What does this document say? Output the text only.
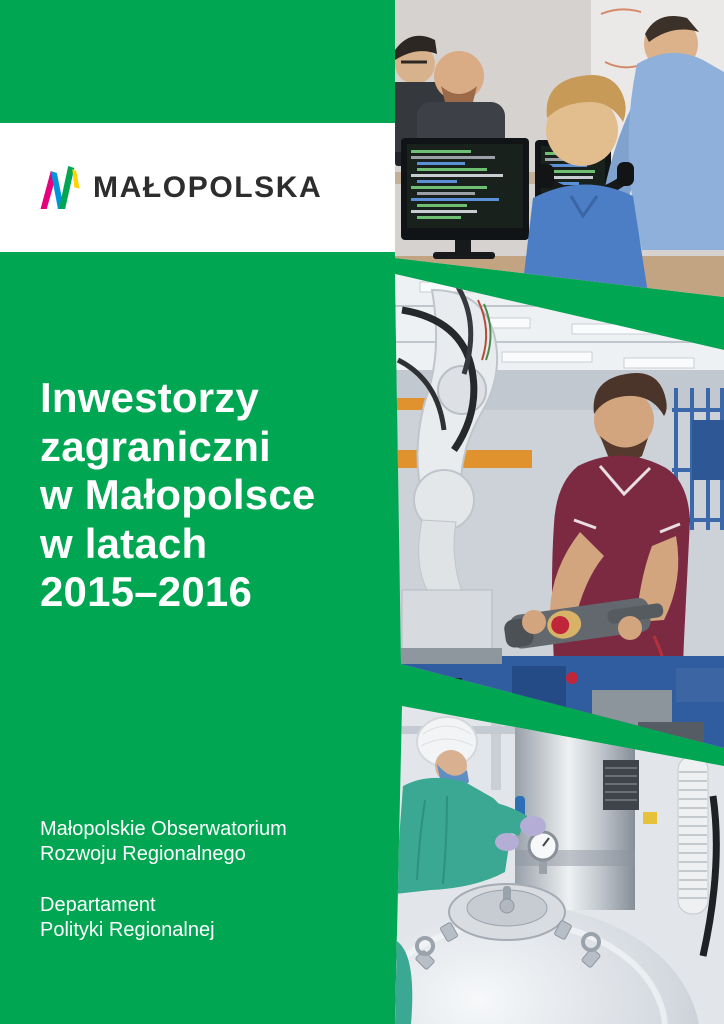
MAŁOPOLSKA
Inwestorzy
zagraniczni
w Małopolsce
w latach
2015–2016

Małopolskie Obserwatorium
Rozwoju Regionalnego

Departament
Polityki Regionalnej
